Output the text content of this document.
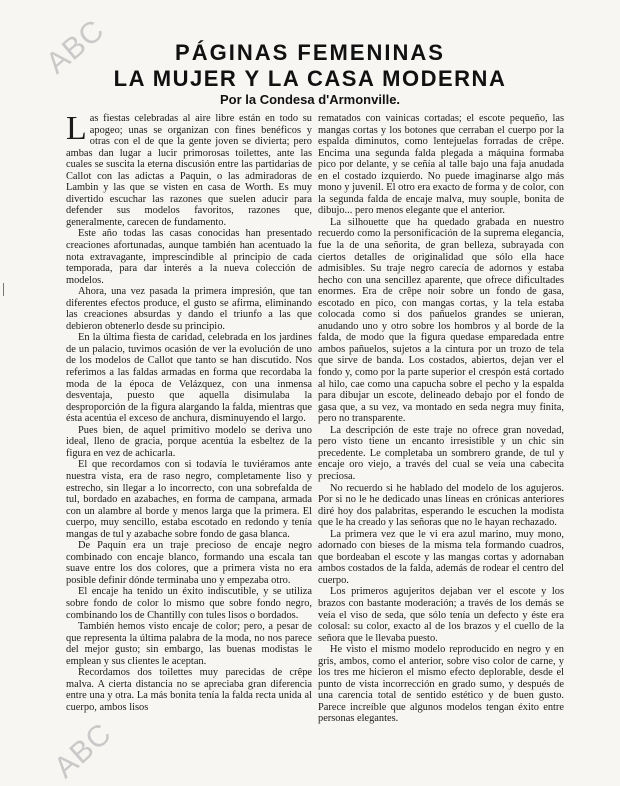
ABC
ABC
PÁGINAS FEMENINAS
LA MUJER Y LA CASA MODERNA
Por la Condesa d'Armonville.

Las fiestas celebradas al aire libre están en todo su apogeo; unas se organizan con fines benéficos y otras con el de que la gente joven se divierta; pero ambas dan lugar a lucir primorosas toilettes, ante las cuales se suscita la eterna discusión entre las partidarias de Callot con las adictas a Paquin, o las admiradoras de Lambin y las que se visten en casa de Worth. Es muy divertido escuchar las razones que suelen aducir para defender sus modelos favoritos, razones que, generalmente, carecen de fundamento.

Este año todas las casas conocidas han presentado creaciones afortunadas, aunque también han acentuado la nota extravagante, imprescindible al principio de cada temporada, para dar interés a la nueva colección de modelos.

Ahora, una vez pasada la primera impresión, que tan diferentes efectos produce, el gusto se afirma, eliminando las creaciones absurdas y dando el triunfo a las que debieron obtenerlo desde su principio.

En la última fiesta de caridad, celebrada en los jardines de un palacio, tuvimos ocasión de ver la evolución de uno de los modelos de Callot que tanto se han discutido. Nos referimos a las faldas armadas en forma que recordaba la moda de la época de Velázquez, con una inmensa desventaja, puesto que aquella disimulaba la desproporción de la figura alargando la falda, mientras que ésta acentúa el exceso de anchura, disminuyendo el largo.

Pues bien, de aquel primitivo modelo se deriva uno ideal, lleno de gracia, porque acentúa la esbeltez de la figura en vez de achicarla.

El que recordamos con si todavía le tuviéramos ante nuestra vista, era de raso negro, completamente liso y estrecho, sin llegar a lo incorrecto, con una sobrefalda de tul, bordado en azabaches, en forma de campana, armada con un alambre al borde y menos larga que la primera. El cuerpo, muy sencillo, estaba escotado en redondo y tenía mangas de tul y azabache sobre fondo de gasa blanca.

De Paquín era un traje precioso de encaje negro combinado con encaje blanco, formando una escala tan suave entre los dos colores, que a primera vista no era posible definir dónde terminaba uno y empezaba otro.

El encaje ha tenido un éxito indiscutible, y se utiliza sobre fondo de color lo mismo que sobre fondo negro, combinando los de Chantilly con tules lisos o bordados.

También hemos visto encaje de color; pero, a pesar de que representa la última palabra de la moda, no nos parece del mejor gusto; sin embargo, las buenas modistas le emplean y sus clientes le aceptan.

Recordamos dos toilettes muy parecidas de crêpe malva. A cierta distancia no se apreciaba gran diferencia entre una y otra. La más bonita tenía la falda recta unida al cuerpo, ambos lisos

rematados con vainicas cortadas; el escote pequeño, las mangas cortas y los botones que cerraban el cuerpo por la espalda diminutos, como lentejuelas forradas de crêpe. Encima una segunda falda plegada a máquina formaba pico por delante, y se ceñía al talle bajo una faja anudada en el costado izquierdo. No puede imaginarse algo más mono y juvenil. El otro era exacto de forma y de color, con la segunda falda de encaje malva, muy souple, bonita de dibujo... pero menos elegante que el anterior.

La silhouette que ha quedado grabada en nuestro recuerdo como la personificación de la suprema elegancia, fue la de una señorita, de gran belleza, subrayada con ciertos detalles de originalidad que sólo ella hace admisibles. Su traje negro carecía de adornos y estaba hecho con una sencillez aparente, que ofrece dificultades enormes. Era de crêpe noir sobre un fondo de gasa, escotado en pico, con mangas cortas, y la tela estaba colocada como si dos pañuelos grandes se unieran, anudando uno y otro sobre los hombros y al borde de la falda, de modo que la figura quedase emparedada entre ambos pañuelos, sujetos a la cintura por un trozo de tela que sirve de banda. Los costados, abiertos, dejan ver el fondo y, como por la parte superior el crespón está cortado al hilo, cae como una capucha sobre el pecho y la espalda para dibujar un escote, delineado debajo por el fondo de gasa que, a su vez, va montado en seda negra muy finita, pero no transparente.

La descripción de este traje no ofrece gran novedad, pero visto tiene un encanto irresistible y un chic sin precedente. Le completaba un sombrero grande, de tul y encaje oro viejo, a través del cual se veía una cabecita preciosa.

No recuerdo si he hablado del modelo de los agujeros. Por si no le he dedicado unas líneas en crónicas anteriores diré hoy dos palabritas, esperando le escuchen la modista que le ha creado y las señoras que no le hayan rechazado.

La primera vez que le vi era azul marino, muy mono, adornado con bieses de la misma tela formando cuadros, que bordeaban el escote y las mangas cortas y adornaban ambos costados de la falda, además de rodear el centro del cuerpo.

Los primeros agujeritos dejaban ver el escote y los brazos con bastante moderación; a través de los demás se veía el viso de seda, que sólo tenía un defecto y éste era colosal: su color, exacto al de los brazos y el cuello de la señora que le llevaba puesto.

He visto el mismo modelo reproducido en negro y en gris, ambos, como el anterior, sobre viso color de carne, y los tres me hicieron el mismo efecto deplorable, desde el punto de vista incorrección en grado sumo, y después de una carencia total de sentido estético y de buen gusto. Parece increíble que algunos modelos tengan éxito entre personas elegantes.
